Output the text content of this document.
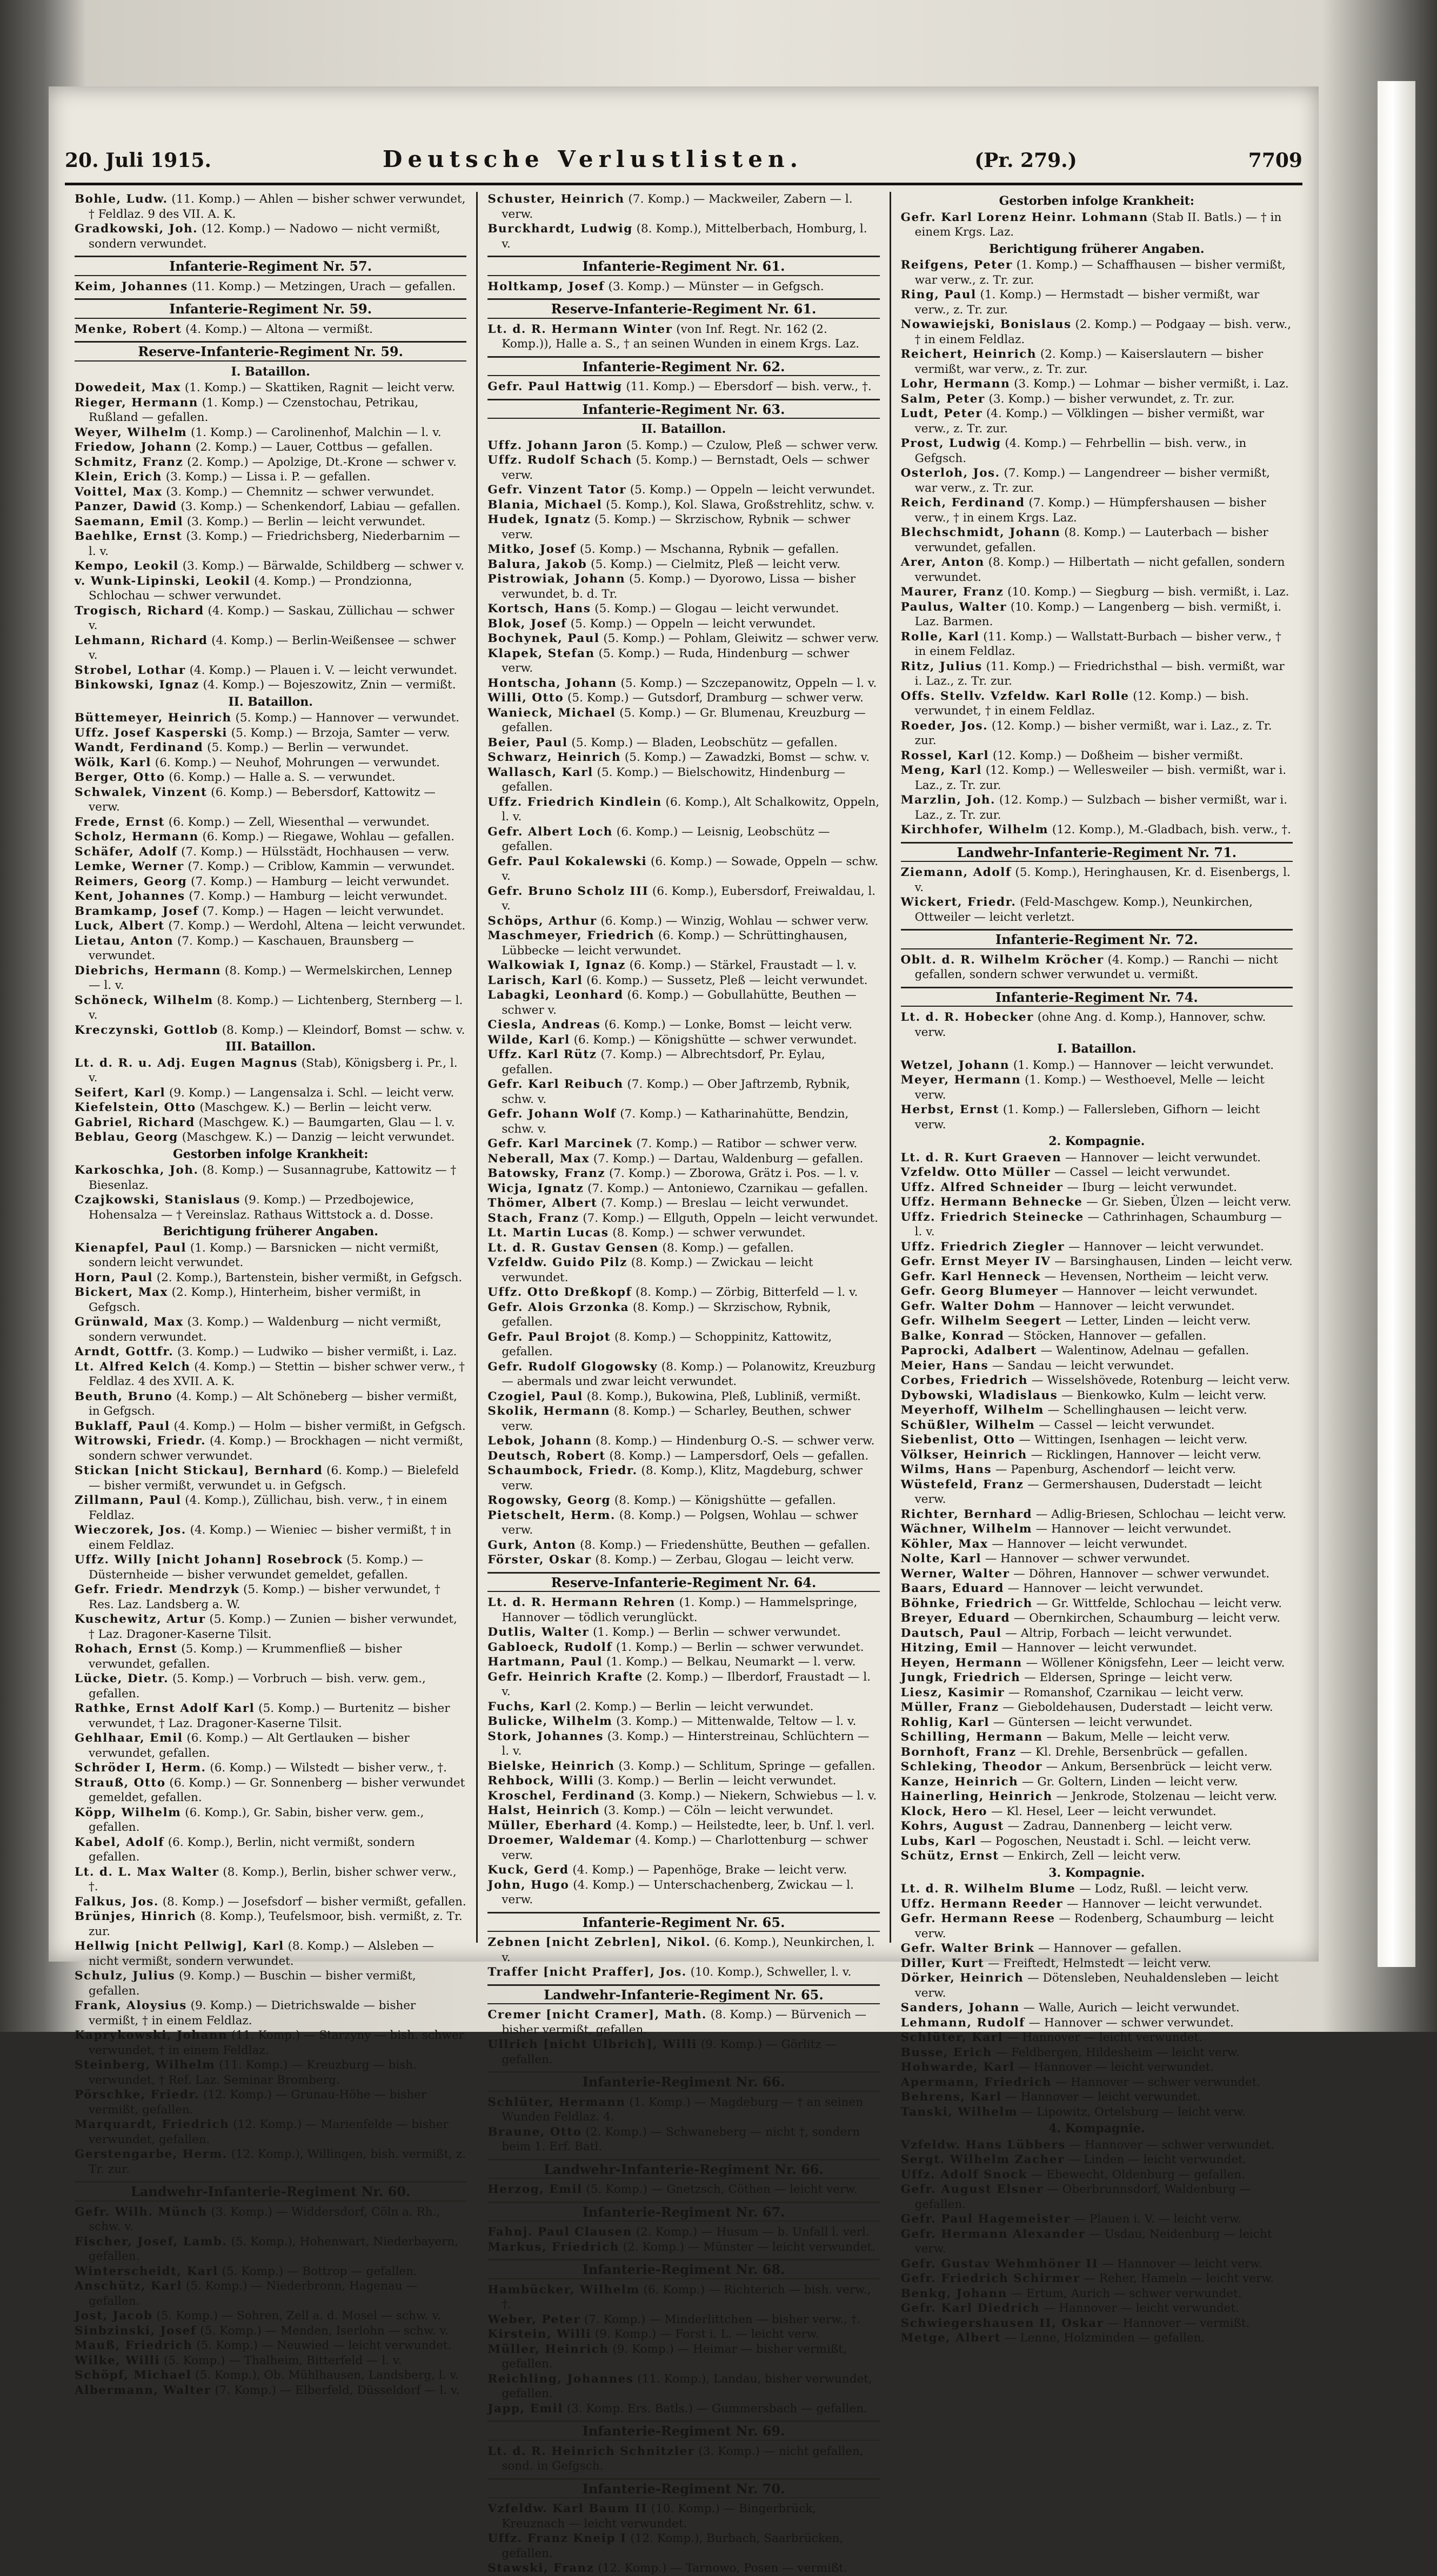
20. Juli 1915.	Deutsche Verlustlisten.	(Pr. 279.)	7709

Bohle, Ludw. (11. Komp.) — Ahlen — bisher schwer verwundet, † Feldlaz. 9 des VII. A. K.

Gradkowski, Joh. (12. Komp.) — Nadowo — nicht vermißt, sondern verwundet.

Infanterie-Regiment Nr. 57.

Keim, Johannes (11. Komp.) — Metzingen, Urach — gefallen.

Infanterie-Regiment Nr. 59.

Menke, Robert (4. Komp.) — Altona — vermißt.

Reserve-Infanterie-Regiment Nr. 59.
I. Bataillon.

Dowedeit, Max (1. Komp.) — Skattiken, Ragnit — leicht verw.

Rieger, Hermann (1. Komp.) — Czenstochau, Petrikau, Rußland — gefallen.

Weyer, Wilhelm (1. Komp.) — Carolinenhof, Malchin — l. v.

Friedow, Johann (2. Komp.) — Lauer, Cottbus — gefallen.

Schmitz, Franz (2. Komp.) — Apolzige, Dt.-Krone — schwer v.

Klein, Erich (3. Komp.) — Lissa i. P. — gefallen.

Voittel, Max (3. Komp.) — Chemnitz — schwer verwundet.

Panzer, Dawid (3. Komp.) — Schenkendorf, Labiau — gefallen.

Saemann, Emil (3. Komp.) — Berlin — leicht verwundet.

Baehlke, Ernst (3. Komp.) — Friedrichsberg, Niederbarnim — l. v.

Kempo, Leokil (3. Komp.) — Bärwalde, Schildberg — schwer v.

v. Wunk-Lipinski, Leokil (4. Komp.) — Prondzionna, Schlochau — schwer verwundet.

Trogisch, Richard (4. Komp.) — Saskau, Züllichau — schwer v.

Lehmann, Richard (4. Komp.) — Berlin-Weißensee — schwer v.

Strobel, Lothar (4. Komp.) — Plauen i. V. — leicht verwundet.

Binkowski, Ignaz (4. Komp.) — Bojeszowitz, Znin — vermißt.

II. Bataillon.

Büttemeyer, Heinrich (5. Komp.) — Hannover — verwundet.

Uffz. Josef Kasperski (5. Komp.) — Brzoja, Samter — verw.

Wandt, Ferdinand (5. Komp.) — Berlin — verwundet.

Wölk, Karl (6. Komp.) — Neuhof, Mohrungen — verwundet.

Berger, Otto (6. Komp.) — Halle a. S. — verwundet.

Schwalek, Vinzent (6. Komp.) — Bebersdorf, Kattowitz — verw.

Frede, Ernst (6. Komp.) — Zell, Wiesenthal — verwundet.

Scholz, Hermann (6. Komp.) — Riegawe, Wohlau — gefallen.

Schäfer, Adolf (7. Komp.) — Hülsstädt, Hochhausen — verw.

Lemke, Werner (7. Komp.) — Criblow, Kammin — verwundet.

Reimers, Georg (7. Komp.) — Hamburg — leicht verwundet.

Kent, Johannes (7. Komp.) — Hamburg — leicht verwundet.

Bramkamp, Josef (7. Komp.) — Hagen — leicht verwundet.

Luck, Albert (7. Komp.) — Werdohl, Altena — leicht verwundet.

Lietau, Anton (7. Komp.) — Kaschauen, Braunsberg — verwundet.

Diebrichs, Hermann (8. Komp.) — Wermelskirchen, Lennep — l. v.

Schöneck, Wilhelm (8. Komp.) — Lichtenberg, Sternberg — l. v.

Kreczynski, Gottlob (8. Komp.) — Kleindorf, Bomst — schw. v.

III. Bataillon.

Lt. d. R. u. Adj. Eugen Magnus (Stab), Königsberg i. Pr., l. v.

Seifert, Karl (9. Komp.) — Langensalza i. Schl. — leicht verw.

Kiefelstein, Otto (Maschgew. K.) — Berlin — leicht verw.

Gabriel, Richard (Maschgew. K.) — Baumgarten, Glau — l. v.

Beblau, Georg (Maschgew. K.) — Danzig — leicht verwundet.

Gestorben infolge Krankheit:

Karkoschka, Joh. (8. Komp.) — Susannagrube, Kattowitz — † Biesenlaz.

Czajkowski, Stanislaus (9. Komp.) — Przedbojewice, Hohensalza — † Vereinslaz. Rathaus Wittstock a. d. Dosse.

Berichtigung früherer Angaben.

Kienapfel, Paul (1. Komp.) — Barsnicken — nicht vermißt, sondern leicht verwundet.

Horn, Paul (2. Komp.), Bartenstein, bisher vermißt, in Gefgsch.

Bickert, Max (2. Komp.), Hinterheim, bisher vermißt, in Gefgsch.

Grünwald, Max (3. Komp.) — Waldenburg — nicht vermißt, sondern verwundet.

Arndt, Gottfr. (3. Komp.) — Ludwiko — bisher vermißt, i. Laz.

Lt. Alfred Kelch (4. Komp.) — Stettin — bisher schwer verw., † Feldlaz. 4 des XVII. A. K.

Beuth, Bruno (4. Komp.) — Alt Schöneberg — bisher vermißt, in Gefgsch.

Buklaff, Paul (4. Komp.) — Holm — bisher vermißt, in Gefgsch.

Witrowski, Friedr. (4. Komp.) — Brockhagen — nicht vermißt, sondern schwer verwundet.

Stickan [nicht Stickau], Bernhard (6. Komp.) — Bielefeld — bisher vermißt, verwundet u. in Gefgsch.

Zillmann, Paul (4. Komp.), Züllichau, bish. verw., † in einem Feldlaz.

Wieczorek, Jos. (4. Komp.) — Wieniec — bisher vermißt, † in einem Feldlaz.

Uffz. Willy [nicht Johann] Rosebrock (5. Komp.) — Düsternheide — bisher verwundet gemeldet, gefallen.

Gefr. Friedr. Mendrzyk (5. Komp.) — bisher verwundet, † Res. Laz. Landsberg a. W.

Kuschewitz, Artur (5. Komp.) — Zunien — bisher verwundet, † Laz. Dragoner-Kaserne Tilsit.

Rohach, Ernst (5. Komp.) — Krummenfließ — bisher verwundet, gefallen.

Lücke, Dietr. (5. Komp.) — Vorbruch — bish. verw. gem., gefallen.

Rathke, Ernst Adolf Karl (5. Komp.) — Burtenitz — bisher verwundet, † Laz. Dragoner-Kaserne Tilsit.

Gehlhaar, Emil (6. Komp.) — Alt Gertlauken — bisher verwundet, gefallen.

Schröder I, Herm. (6. Komp.) — Wilstedt — bisher verw., †.

Strauß, Otto (6. Komp.) — Gr. Sonnenberg — bisher verwundet gemeldet, gefallen.

Köpp, Wilhelm (6. Komp.), Gr. Sabin, bisher verw. gem., gefallen.

Kabel, Adolf (6. Komp.), Berlin, nicht vermißt, sondern gefallen.

Lt. d. L. Max Walter (8. Komp.), Berlin, bisher schwer verw., †.

Falkus, Jos. (8. Komp.) — Josefsdorf — bisher vermißt, gefallen.

Brünjes, Hinrich (8. Komp.), Teufelsmoor, bish. vermißt, z. Tr. zur.

Hellwig [nicht Pellwig], Karl (8. Komp.) — Alsleben — nicht vermißt, sondern verwundet.

Schulz, Julius (9. Komp.) — Buschin — bisher vermißt, gefallen.

Frank, Aloysius (9. Komp.) — Dietrichswalde — bisher vermißt, † in einem Feldlaz.

Kaprykowski, Johann (11. Komp.) — Starzyny — bish. schwer verwundet, † in einem Feldlaz.

Steinberg, Wilhelm (11. Komp.) — Kreuzburg — bish. verwundet, † Ref. Laz. Seminar Bromberg.

Pörschke, Friedr. (12. Komp.) — Grunau-Höhe — bisher vermißt, gefallen.

Marquardt, Friedrich (12. Komp.) — Marienfelde — bisher verwundet, gefallen.

Gerstengarbe, Herm. (12. Komp.), Willingen, bish. vermißt, z. Tr. zur.

Landwehr-Infanterie-Regiment Nr. 60.

Gefr. Wilh. Münch (3. Komp.) — Widdersdorf, Cöln a. Rh., schw. v.

Fischer, Josef, Lamb. (5. Komp.), Hohenwart, Niederbayern, gefallen.

Winterscheidt, Karl (5. Komp.) — Bottrop — gefallen.

Anschütz, Karl (5. Komp.) — Niederbronn, Hagenau — gefallen.

Jost, Jacob (5. Komp.) — Sohren, Zell a. d. Mosel — schw. v.

Sinbzinski, Josef (5. Komp.) — Menden, Iserlohn — schw. v.

Mauß, Friedrich (5. Komp.) — Neuwied — leicht verwundet.

Wilke, Willi (5. Komp.) — Thalheim, Bitterfeld — l. v.

Schöpf, Michael (5. Komp.), Ob. Mühlhausen, Landsberg, l. v.

Albermann, Walter (7. Komp.) — Elberfeld, Düsseldorf — l. v.

Schuster, Heinrich (7. Komp.) — Mackweiler, Zabern — l. verw.

Burckhardt, Ludwig (8. Komp.), Mittelberbach, Homburg, l. v.

Infanterie-Regiment Nr. 61.

Holtkamp, Josef (3. Komp.) — Münster — in Gefgsch.

Reserve-Infanterie-Regiment Nr. 61.

Lt. d. R. Hermann Winter (von Inf. Regt. Nr. 162 (2. Komp.)), Halle a. S., † an seinen Wunden in einem Krgs. Laz.

Infanterie-Regiment Nr. 62.

Gefr. Paul Hattwig (11. Komp.) — Ebersdorf — bish. verw., †.

Infanterie-Regiment Nr. 63.
II. Bataillon.

Uffz. Johann Jaron (5. Komp.) — Czulow, Pleß — schwer verw.

Uffz. Rudolf Schach (5. Komp.) — Bernstadt, Oels — schwer verw.

Gefr. Vinzent Tator (5. Komp.) — Oppeln — leicht verwundet.

Blania, Michael (5. Komp.), Kol. Slawa, Großstrehlitz, schw. v.

Hudek, Ignatz (5. Komp.) — Skrzischow, Rybnik — schwer verw.

Mitko, Josef (5. Komp.) — Mschanna, Rybnik — gefallen.

Balura, Jakob (5. Komp.) — Cielmitz, Pleß — leicht verw.

Pistrowiak, Johann (5. Komp.) — Dyorowo, Lissa — bisher verwundet, b. d. Tr.

Kortsch, Hans (5. Komp.) — Glogau — leicht verwundet.

Blok, Josef (5. Komp.) — Oppeln — leicht verwundet.

Bochynek, Paul (5. Komp.) — Pohlam, Gleiwitz — schwer verw.

Klapek, Stefan (5. Komp.) — Ruda, Hindenburg — schwer verw.

Hontscha, Johann (5. Komp.) — Szczepanowitz, Oppeln — l. v.

Willi, Otto (5. Komp.) — Gutsdorf, Dramburg — schwer verw.

Wanieck, Michael (5. Komp.) — Gr. Blumenau, Kreuzburg — gefallen.

Beier, Paul (5. Komp.) — Bladen, Leobschütz — gefallen.

Schwarz, Heinrich (5. Komp.) — Zawadzki, Bomst — schw. v.

Wallasch, Karl (5. Komp.) — Bielschowitz, Hindenburg — gefallen.

Uffz. Friedrich Kindlein (6. Komp.), Alt Schalkowitz, Oppeln, l. v.

Gefr. Albert Loch (6. Komp.) — Leisnig, Leobschütz — gefallen.

Gefr. Paul Kokalewski (6. Komp.) — Sowade, Oppeln — schw. v.

Gefr. Bruno Scholz III (6. Komp.), Eubersdorf, Freiwaldau, l. v.

Schöps, Arthur (6. Komp.) — Winzig, Wohlau — schwer verw.

Maschmeyer, Friedrich (6. Komp.) — Schrüttinghausen, Lübbecke — leicht verwundet.

Walkowiak I, Ignaz (6. Komp.) — Stärkel, Fraustadt — l. v.

Larisch, Karl (6. Komp.) — Sussetz, Pleß — leicht verwundet.

Labagki, Leonhard (6. Komp.) — Gobullahütte, Beuthen — schwer v.

Ciesla, Andreas (6. Komp.) — Lonke, Bomst — leicht verw.

Wilde, Karl (6. Komp.) — Königshütte — schwer verwundet.

Uffz. Karl Rütz (7. Komp.) — Albrechtsdorf, Pr. Eylau, gefallen.

Gefr. Karl Reibuch (7. Komp.) — Ober Jaftrzemb, Rybnik, schw. v.

Gefr. Johann Wolf (7. Komp.) — Katharinahütte, Bendzin, schw. v.

Gefr. Karl Marcinek (7. Komp.) — Ratibor — schwer verw.

Neberall, Max (7. Komp.) — Dartau, Waldenburg — gefallen.

Batowsky, Franz (7. Komp.) — Zborowa, Grätz i. Pos. — l. v.

Wicja, Ignatz (7. Komp.) — Antoniewo, Czarnikau — gefallen.

Thömer, Albert (7. Komp.) — Breslau — leicht verwundet.

Stach, Franz (7. Komp.) — Ellguth, Oppeln — leicht verwundet.

Lt. Martin Lucas (8. Komp.) — schwer verwundet.

Lt. d. R. Gustav Gensen (8. Komp.) — gefallen.

Vzfeldw. Guido Pilz (8. Komp.) — Zwickau — leicht verwundet.

Uffz. Otto Dreßkopf (8. Komp.) — Zörbig, Bitterfeld — l. v.

Gefr. Alois Grzonka (8. Komp.) — Skrzischow, Rybnik, gefallen.

Gefr. Paul Brojot (8. Komp.) — Schoppinitz, Kattowitz, gefallen.

Gefr. Rudolf Glogowsky (8. Komp.) — Polanowitz, Kreuzburg — abermals und zwar leicht verwundet.

Czogiel, Paul (8. Komp.), Bukowina, Pleß, Lubliniß, vermißt.

Skolik, Hermann (8. Komp.) — Scharley, Beuthen, schwer verw.

Lebok, Johann (8. Komp.) — Hindenburg O.-S. — schwer verw.

Deutsch, Robert (8. Komp.) — Lampersdorf, Oels — gefallen.

Schaumbock, Friedr. (8. Komp.), Klitz, Magdeburg, schwer verw.

Rogowsky, Georg (8. Komp.) — Königshütte — gefallen.

Pietschelt, Herm. (8. Komp.) — Polgsen, Wohlau — schwer verw.

Gurk, Anton (8. Komp.) — Friedenshütte, Beuthen — gefallen.

Förster, Oskar (8. Komp.) — Zerbau, Glogau — leicht verw.

Reserve-Infanterie-Regiment Nr. 64.

Lt. d. R. Hermann Rehren (1. Komp.) — Hammelspringe, Hannover — tödlich verunglückt.

Dutlis, Walter (1. Komp.) — Berlin — schwer verwundet.

Gabloeck, Rudolf (1. Komp.) — Berlin — schwer verwundet.

Hartmann, Paul (1. Komp.) — Belkau, Neumarkt — l. verw.

Gefr. Heinrich Krafte (2. Komp.) — Ilberdorf, Fraustadt — l. v.

Fuchs, Karl (2. Komp.) — Berlin — leicht verwundet.

Bulicke, Wilhelm (3. Komp.) — Mittenwalde, Teltow — l. v.

Stork, Johannes (3. Komp.) — Hinterstreinau, Schlüchtern — l. v.

Bielske, Heinrich (3. Komp.) — Schlitum, Springe — gefallen.

Rehbock, Willi (3. Komp.) — Berlin — leicht verwundet.

Kroschel, Ferdinand (3. Komp.) — Niekern, Schwiebus — l. v.

Halst, Heinrich (3. Komp.) — Cöln — leicht verwundet.

Müller, Eberhard (4. Komp.) — Heilstedte, leer, b. Unf. l. verl.

Droemer, Waldemar (4. Komp.) — Charlottenburg — schwer verw.

Kuck, Gerd (4. Komp.) — Papenhöge, Brake — leicht verw.

John, Hugo (4. Komp.) — Unterschachenberg, Zwickau — l. verw.

Infanterie-Regiment Nr. 65.

Zebnen [nicht Zebrlen], Nikol. (6. Komp.), Neunkirchen, l. v.

Traffer [nicht Praffer], Jos. (10. Komp.), Schweller, l. v.

Landwehr-Infanterie-Regiment Nr. 65.

Cremer [nicht Cramer], Math. (8. Komp.) — Bürvenich — bisher vermißt, gefallen.

Ullrich [nicht Ulbrich], Willi (9. Komp.) — Görlitz — gefallen.

Infanterie-Regiment Nr. 66.

Schlüter, Hermann (1. Komp.) — Magdeburg — † an seinen Wunden Feldlaz. 4.

Braune, Otto (2. Komp.) — Schwaneberg — nicht †, sondern beim 1. Erf. Batl.

Landwehr-Infanterie-Regiment Nr. 66.

Herzog, Emil (5. Komp.) — Gnetzsch, Cöthen — leicht verw.

Infanterie-Regiment Nr. 67.

Fahnj. Paul Clausen (2. Komp.) — Husum — b. Unfall l. verl.

Markus, Friedrich (2. Komp.) — Münster — leicht verwundet.

Infanterie-Regiment Nr. 68.

Hambücker, Wilhelm (6. Komp.) — Richterich — bish. verw., †.

Weber, Peter (7. Komp.) — Minderlittchen — bisher verw., †.

Kirstein, Willi (9. Komp.) — Forst i. L. — leicht verw.

Müller, Heinrich (9. Komp.) — Heimar — bisher vermißt, gefallen.

Reichling, Johannes (11. Komp.), Landau, bisher verwundet, gefallen.

Japp, Emil (3. Komp. Ers. Batls.) — Gummersbach — gefallen.

Infanterie-Regiment Nr. 69.

Lt. d. R. Heinrich Schnitzler (3. Komp.) — nicht gefallen, sond. in Gefgsch.

Infanterie-Regiment Nr. 70.

Vzfeldw. Karl Baum II (10. Komp.) — Bingerbrück, Kreuznach — leicht verwundet.

Uffz. Franz Kneip I (12. Komp.), Burbach, Saarbrücken, gefallen.

Stawski, Franz (12. Komp.) — Tarnowo, Posen — vermißt.

Gestorben infolge Krankheit:

Gefr. Karl Lorenz Heinr. Lohmann (Stab II. Batls.) — † in einem Krgs. Laz.

Berichtigung früherer Angaben.

Reifgens, Peter (1. Komp.) — Schaffhausen — bisher vermißt, war verw., z. Tr. zur.

Ring, Paul (1. Komp.) — Hermstadt — bisher vermißt, war verw., z. Tr. zur.

Nowawiejski, Bonislaus (2. Komp.) — Podgaay — bish. verw., † in einem Feldlaz.

Reichert, Heinrich (2. Komp.) — Kaiserslautern — bisher vermißt, war verw., z. Tr. zur.

Lohr, Hermann (3. Komp.) — Lohmar — bisher vermißt, i. Laz.

Salm, Peter (3. Komp.) — bisher verwundet, z. Tr. zur.

Ludt, Peter (4. Komp.) — Völklingen — bisher vermißt, war verw., z. Tr. zur.

Prost, Ludwig (4. Komp.) — Fehrbellin — bish. verw., in Gefgsch.

Osterloh, Jos. (7. Komp.) — Langendreer — bisher vermißt, war verw., z. Tr. zur.

Reich, Ferdinand (7. Komp.) — Hümpfershausen — bisher verw., † in einem Krgs. Laz.

Blechschmidt, Johann (8. Komp.) — Lauterbach — bisher verwundet, gefallen.

Arer, Anton (8. Komp.) — Hilbertath — nicht gefallen, sondern verwundet.

Maurer, Franz (10. Komp.) — Siegburg — bish. vermißt, i. Laz.

Paulus, Walter (10. Komp.) — Langenberg — bish. vermißt, i. Laz. Barmen.

Rolle, Karl (11. Komp.) — Wallstatt-Burbach — bisher verw., † in einem Feldlaz.

Ritz, Julius (11. Komp.) — Friedrichsthal — bish. vermißt, war i. Laz., z. Tr. zur.

Offs. Stellv. Vzfeldw. Karl Rolle (12. Komp.) — bish. verwundet, † in einem Feldlaz.

Roeder, Jos. (12. Komp.) — bisher vermißt, war i. Laz., z. Tr. zur.

Rossel, Karl (12. Komp.) — Doßheim — bisher vermißt.

Meng, Karl (12. Komp.) — Wellesweiler — bish. vermißt, war i. Laz., z. Tr. zur.

Marzlin, Joh. (12. Komp.) — Sulzbach — bisher vermißt, war i. Laz., z. Tr. zur.

Kirchhofer, Wilhelm (12. Komp.), M.-Gladbach, bish. verw., †.

Landwehr-Infanterie-Regiment Nr. 71.

Ziemann, Adolf (5. Komp.), Heringhausen, Kr. d. Eisenbergs, l. v.

Wickert, Friedr. (Feld-Maschgew. Komp.), Neunkirchen, Ottweiler — leicht verletzt.

Infanterie-Regiment Nr. 72.

Oblt. d. R. Wilhelm Kröcher (4. Komp.) — Ranchi — nicht gefallen, sondern schwer verwundet u. vermißt.

Infanterie-Regiment Nr. 74.

Lt. d. R. Hobecker (ohne Ang. d. Komp.), Hannover, schw. verw.

I. Bataillon.

Wetzel, Johann (1. Komp.) — Hannover — leicht verwundet.

Meyer, Hermann (1. Komp.) — Westhoevel, Melle — leicht verw.

Herbst, Ernst (1. Komp.) — Fallersleben, Gifhorn — leicht verw.

2. Kompagnie.

Lt. d. R. Kurt Graeven — Hannover — leicht verwundet.

Vzfeldw. Otto Müller — Cassel — leicht verwundet.

Uffz. Alfred Schneider — Iburg — leicht verwundet.

Uffz. Hermann Behnecke — Gr. Sieben, Ülzen — leicht verw.

Uffz. Friedrich Steinecke — Cathrinhagen, Schaumburg — l. v.

Uffz. Friedrich Ziegler — Hannover — leicht verwundet.

Gefr. Ernst Meyer IV — Barsinghausen, Linden — leicht verw.

Gefr. Karl Henneck — Hevensen, Northeim — leicht verw.

Gefr. Georg Blumeyer — Hannover — leicht verwundet.

Gefr. Walter Dohm — Hannover — leicht verwundet.

Gefr. Wilhelm Seegert — Letter, Linden — leicht verw.

Balke, Konrad — Stöcken, Hannover — gefallen.

Paprocki, Adalbert — Walentinow, Adelnau — gefallen.

Meier, Hans — Sandau — leicht verwundet.

Corbes, Friedrich — Wisselshövede, Rotenburg — leicht verw.

Dybowski, Wladislaus — Bienkowko, Kulm — leicht verw.

Meyerhoff, Wilhelm — Schellinghausen — leicht verw.

Schüßler, Wilhelm — Cassel — leicht verwundet.

Siebenlist, Otto — Wittingen, Isenhagen — leicht verw.

Völkser, Heinrich — Ricklingen, Hannover — leicht verw.

Wilms, Hans — Papenburg, Aschendorf — leicht verw.

Wüstefeld, Franz — Germershausen, Duderstadt — leicht verw.

Richter, Bernhard — Adlig-Briesen, Schlochau — leicht verw.

Wächner, Wilhelm — Hannover — leicht verwundet.

Köhler, Max — Hannover — leicht verwundet.

Nolte, Karl — Hannover — schwer verwundet.

Werner, Walter — Döhren, Hannover — schwer verwundet.

Baars, Eduard — Hannover — leicht verwundet.

Böhnke, Friedrich — Gr. Wittfelde, Schlochau — leicht verw.

Breyer, Eduard — Obernkirchen, Schaumburg — leicht verw.

Dautsch, Paul — Altrip, Forbach — leicht verwundet.

Hitzing, Emil — Hannover — leicht verwundet.

Heyen, Hermann — Wöllener Königsfehn, Leer — leicht verw.

Jungk, Friedrich — Eldersen, Springe — leicht verw.

Liesz, Kasimir — Romanshof, Czarnikau — leicht verw.

Müller, Franz — Gieboldehausen, Duderstadt — leicht verw.

Rohlig, Karl — Güntersen — leicht verwundet.

Schilling, Hermann — Bakum, Melle — leicht verw.

Bornhoft, Franz — Kl. Drehle, Bersenbrück — gefallen.

Schleking, Theodor — Ankum, Bersenbrück — leicht verw.

Kanze, Heinrich — Gr. Goltern, Linden — leicht verw.

Hainerling, Heinrich — Jenkrode, Stolzenau — leicht verw.

Klock, Hero — Kl. Hesel, Leer — leicht verwundet.

Kohrs, August — Zadrau, Dannenberg — leicht verw.

Lubs, Karl — Pogoschen, Neustadt i. Schl. — leicht verw.

Schütz, Ernst — Enkirch, Zell — leicht verw.

3. Kompagnie.

Lt. d. R. Wilhelm Blume — Lodz, Rußl. — leicht verw.

Uffz. Hermann Reeder — Hannover — leicht verwundet.

Gefr. Hermann Reese — Rodenberg, Schaumburg — leicht verw.

Gefr. Walter Brink — Hannover — gefallen.

Diller, Kurt — Freiftedt, Helmstedt — leicht verw.

Dörker, Heinrich — Dötensleben, Neuhaldensleben — leicht verw.

Sanders, Johann — Walle, Aurich — leicht verwundet.

Lehmann, Rudolf — Hannover — schwer verwundet.

Schlüter, Karl — Hannover — leicht verwundet.

Busse, Erich — Feldbergen, Hildesheim — leicht verw.

Hohwarde, Karl — Hannover — leicht verwundet.

Apermann, Friedrich — Hannover — schwer verwundet.

Behrens, Karl — Hannover — leicht verwundet.

Tanski, Wilhelm — Lipowitz, Ortelsburg — leicht verw.

4. Kompagnie.

Vzfeldw. Hans Lübbers — Hannover — schwer verwundet.

Sergt. Wilhelm Zacher — Linden — leicht verwundet.

Uffz. Adolf Snock — Ebewecht, Oldenburg — gefallen.

Gefr. August Elsner — Oberbrunnsdorf, Waldenburg — gefallen.

Gefr. Paul Hagemeister — Plauen i. V. — leicht verw.

Gefr. Hermann Alexander — Usdau, Neidenburg — leicht verw.

Gefr. Gustav Wehmhöner II — Hannover — leicht verw.

Gefr. Friedrich Schirmer — Reher, Hameln — leicht verw.

Benkg, Johann — Ertum, Aurich — schwer verwundet.

Gefr. Karl Diedrich — Hannover — leicht verwundet.

Schwiegershausen II, Oskar — Hannover — vermißt.

Metge, Albert — Lenne, Holzminden — gefallen.
